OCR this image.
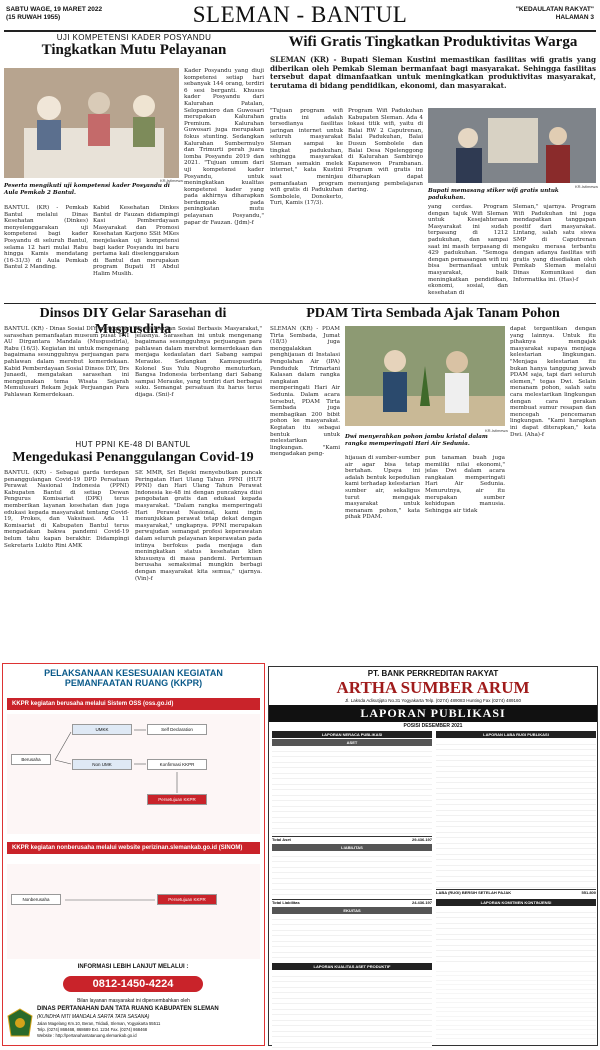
SABTU WAGE, 19 MARET 2022
(15 RUWAH 1955)	SLEMAN - BANTUL	"KEDAULATAN RAKYAT"
HALAMAN 3
UJI KOMPETENSI KADER POSYANDU
Tingkatkan Mutu Pelayanan
KR-Istimewa
Peserta mengikuti uji kompetensi kader Posyandu di Aula Pemkab 2 Bantul.
BANTUL (KR) - Pemkab Bantul melalui Dinas Kesehatan (Dinkes) menyelenggarakan uji kompetensi bagi kader Posyandu di seluruh Bantul, selama 12 hari mulai Rabu hingga Kamis mendatang (16-31/3) di Aula Pemkab Bantul 2 Manding.
Kabid Kesehatan Dinkes Bantul dr Fauzan didampingi Kasi Pemberdayaan Masyarakat dan Promosi Kesehatan Karjono SSit MKes menjelaskan uji kompetensi bagi kader Posyandu ini baru pertama kali diselenggarakan di Bantul dan merupakan program Bupati H Abdul Halim Muslih.
Kader Posyandu yang diuji kompetensi setiap hari sebanyak 144 orang, terdiri 6 sesi berganti. Khusus kader Posyandu dari Kalurahan Patalan, Selopamioro dan Guwosari merupakan Kalurahan Premium. Kalurahan Guwosari juga merupakan fokus stunting. Sedangkan Kalurahan Sumbermulyo dan Trimurti perah juara lomba Posyandu 2019 dan 2021. "Tujuan umum dari uji kompetensi kader Posyandu, untuk meningkatkan kualitas kompetensi kader yang pada akhirnya diharapkan berdampak pada peningkatan mutu pelayanan Posyandu," papar dr Fauzan. (Jdm)-f
Wifi Gratis Tingkatkan Produktivitas Warga
SLEMAN (KR) - Bupati Sleman Kustini memastikan fasilitas wifi gratis yang diberikan oleh Pemkab Sleman bermanfaat bagi masyarakat. Sehingga fasilitas tersebut dapat dimanfaatkan untuk meningkatkan produktivitas masyarakat, terutama di bidang pendidikan, ekonomi, dan masyarakat.
"Tujuan program wifi gratis ini adalah tersedianya fasilitas jaringan internet untuk seluruh masyarakat Sleman sampai ke tingkat padukuhan, sehingga masyarakat Sleman semakin melek internet," kata Kustini saat meninjau pemanfaatan program wifi gratis di Padukuhan Sombolele, Donokerto, Turi, Kamis (17/3).
Program Wifi Padukuhan Kabupaten Sleman. Ada 4 lokasi titik wifi, yaitu di Balai RW 2 Caputrenan, Balai Padukuhan, Balai Dusun Sombolele dan Balai Desa Ngelenggong di Kalurahan Sambirejo Kapanewon Prambanan. Program wifi gratis ini diharapkan dapat menunjang pembelajaran daring.
KR-Istimewa
Bupati memasang stiker wifi gratis untuk padukuhan.
yang cerdas. Program dengan tajuk Wifi Sleman untuk Kesejahteraan Masyarakat ini sudah terpasang di 1212 padukuhan, dan sampai saat ini masih terpasang di 429 padukuhan. "Semoga dengan pemasangan wifi ini bisa bermanfaat untuk masyarakat, baik meningkatkan pendidikan, ekonomi, sosial, dan kesehatan di
Sleman," ujarnya. Program Wifi Padukuhan ini juga mendapatkan tanggapan positif dari masyarakat. Lintang, salah satu siswa SMP di Caputrenan mengaku merasa terbantu dengan adanya fasilitas wifi gratis yang disediakan oleh Pemkab Sleman melalui Dinas Komunikasi dan Informatika ini. (Has)-f
Dinsos DIY Gelar Sarasehan di Muspusdirla
BANTUL (KR) - Dinas Sosial DIY menggelar sarasehan pemanfaatan museum pusat TNI AU Dirgantara Mandala (Muspusdirla), Rabu (16/3). Kegiatan ini untuk mengenang bagaimana sesungguhnya perjuangan para pahlawan dalam merebut kemerdekaan. Kabid Pemberdayaan Sosial Dinsos DIY, Drs Junaedi, mengatakan sarasehan ini menggunakan tema Wisata Sejarah Memulusuri Rekam Jejak Perjuangan Para Pahlawan Kemerdekaan.
Kesejahteraan Sosial Berbasis Masyarakat," jelasnya. Sarasehan ini untuk mengenang bagaimana sesungguhnya perjuangan para pahlawan dalam merebut kemerdekaan dan menjaga kedaulatan dari Sabang sampai Merauke. Sedangkan Kamuspusdirla Kolonel Sus Yulu Nugroho menuturkan, Bangsa Indonesia terbentang dari Sabang sampai Merauke, yang terdiri dari berbagai suku. Semangat persatuan itu harus terus dijaga. (Sni)-f
HUT PPNI KE-48 DI BANTUL
Mengedukasi Penanggulangan Covid-19
BANTUL (KR) - Sebagai garda terdepan penanggulangan Covid-19 DPD Persatuan Perawat Nasional Indonesia (PPNI) Kabupaten Bantul di setiap Dewan Pengurus Komisariat (DPK) terus memberikan layanan kesehatan dan juga edukasi kepada masyarakat tentang Covid-19, Prokes, dan Vaksinasi. Ada 11 Komisariat di Kabupaten Bantul terus mengadakan bakwa pandemi Covid-19 belum tahu kapan berakhir. Didampingi Sekretaris Lukito Rini AMK
SE MMR, Sri Bejeki menyebutkan puncak Peringatan Hari Ulang Tahun PPNI (HUT PPNI) dan Hari Ulang Tahun Perawat Indonesia ke-48 ini dengan puncaknya diisi pengobatan gratis dan edukasi kepada masyarakat. "Dalam rangka memperingati Hari Perawat Nasional, kami ingin menunjukkan perawat tetap dekat dengan masyarakat," ungkapnya. PPNI merupakan perwujudan semangat profesi keperawatan dalam seluruh pelayanan keperawatan pada intinya berfokus pada menjaga dan meningkatkan status kesehatan klien khususnya di masa pandemi. Pertemuan berusaha semaksimal mungkin berbagi dengan masyarakat kita semua," ujarnya. (Vin)-f
PDAM Tirta Sembada Ajak Tanam Pohon
SLEMAN (KR) - PDAM Tirta Sembada, Jumat (18/3) juga menggalakkan penghijauan di Instalasi Pengolahan Air (IPA) Penduduk Trimartani Kalasan dalam rangka rangkaian memperingati Hari Air Sedunia. Dalam acara tersebut, PDAM Tirta Sembada juga membagikan 200 bibit pohon ke masyarakat. Kegiatan itu sebagai bentuk untuk melestarikan lingkungan. "Kami mengadakan peng-
KR-Istimewa
Dwi menyerahkan pohon jambu kristal dalam rangka memperingati Hari Air Sedunia.
hijauan di sumber-sumber air agar bisa tetap bertahan. Upaya ini adalah bentuk kepedulian kami terhadap kelestarian sumber air, sekaligus turut mengajak masyarakat untuk menanam pohon," kata pihak PDAM.
pun tanaman buah juga memiliki nilai ekonomi," jelas Dwi dalam acara rangkaian memperingati Hari Air Sedunia. Menurutnya, air itu merupakan sumber kehidupan manusia. Sehingga air tidak
dapat tergantikan dengan yang lainnya. Untuk itu pihaknya mengajak masyarakat supaya menjaga kelestarian lingkungan. "Menjaga kelestarian itu bukan hanya tanggung jawab PDAM saja, tapi dari seluruh elemen," tegas Dwi. Selain menanam pohon, salah satu cara melestarikan lingkungan dengan cara gerakan membuat sumur resapan dan mencegah pencemaran lingkungan. "Kami harapkan ini dapat diterapkan," kata Dwi. (Aha)-f
PELAKSANAAN KESESUAIAN KEGIATAN
PEMANFAATAN RUANG (KKPR)
KKPR kegiatan berusaha melalui Sistem OSS (oss.go.id)
Berusaha
UMKK
Non UMK
Self Declaration
Konfirmasi KKPR
Persetujuan KKPR
KKPR kegiatan nonberusaha melalui website perizinan.slemankab.go.id (SINOM)
Nonberusaha	Persetujuan KKPR
INFORMASI LEBIH LANJUT MELALUI :
0812-1450-4224
Bilan layanan masyarakat ini dipersembahkan oleh
DINAS PERTANAHAN DAN TATA RUANG KABUPATEN SLEMAN
(KUNDHA NITI MANDALA SARTA TATA SASANA)
Jalan Magelang Km.10, Beran, Tridadi, Sleman, Yogyakarta 55511
Telp. (0274) 868468, 868689 Ext. 1234 Fax. (0274) 868468
Website : http://pertanahantataruang.slemankab.go.id
PT. BANK PERKREDITAN RAKYAT
ARTHA SUMBER ARUM
Jl. Laksda Adisutjipto No.31 Yogyakarta Telp. (0274) 489083 Hunting Fax (0274) 489160
LAPORAN PUBLIKASI
POSISI DESEMBER 2021
LAPORAN NERACA PUBLIKASI
ASET
Total Aset	29.436.197
LIABILITAS
Total Liabilitas	24.436.197
EKUITAS
LAPORAN LABA RUGI PUBLIKASI
LABA (RUGI) BERSIH SETELAH PAJAK	551.800
LAPORAN KOMITMEN KONTINJENSI
LAPORAN KUALITAS ASET PRODUKTIF
